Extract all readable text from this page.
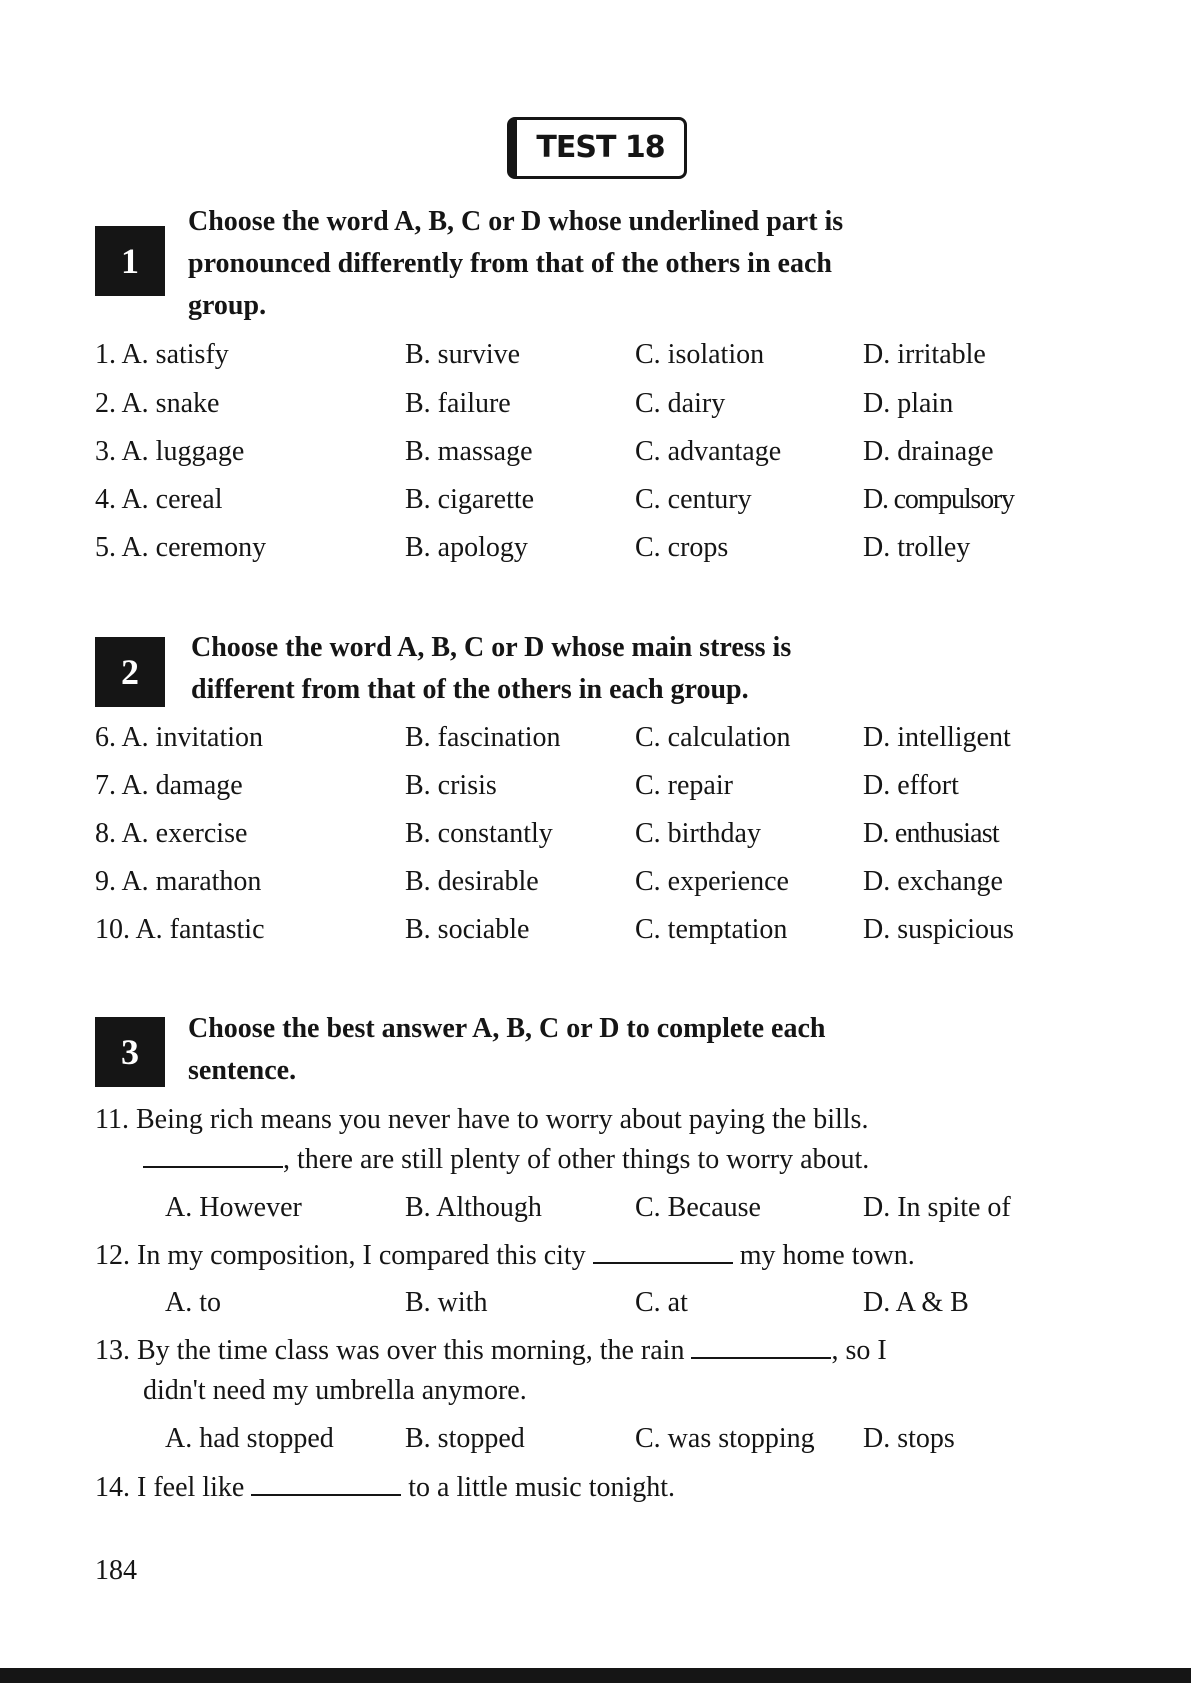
TEST 18
1
Choose the word A, B, C or D whose underlined part is
pronounced differently from that of the others in each
group.
1. A. satisfy	B. survive	C. isolation	D. irritable
2. A. snake	B. failure	C. dairy	D. plain
3. A. luggage	B. massage	C. advantage	D. drainage
4. A. cereal	B. cigarette	C. century	D. compulsory
5. A. ceremony	B. apology	C. crops	D. trolley
2
Choose the word A, B, C or D whose main stress is
different from that of the others in each group.
6. A. invitation	B. fascination	C. calculation	D. intelligent
7. A. damage	B. crisis	C. repair	D. effort
8. A. exercise	B. constantly	C. birthday	D. enthusiast
9. A. marathon	B. desirable	C. experience	D. exchange
10. A. fantastic	B. sociable	C. temptation	D. suspicious
3
Choose the best answer A, B, C or D to complete each
sentence.
11. Being rich means you never have to worry about paying the bills.
, there are still plenty of other things to worry about.
A. However	B. Although	C. Because	D. In spite of
12. In my composition, I compared this city	my home town.
A. to	B. with	C. at	D. A & B
13. By the time class was over this morning, the rain	, so I
didn't need my umbrella anymore.
A. had stopped	B. stopped	C. was stopping D. stops
14. I feel like	to a little music tonight.
184
